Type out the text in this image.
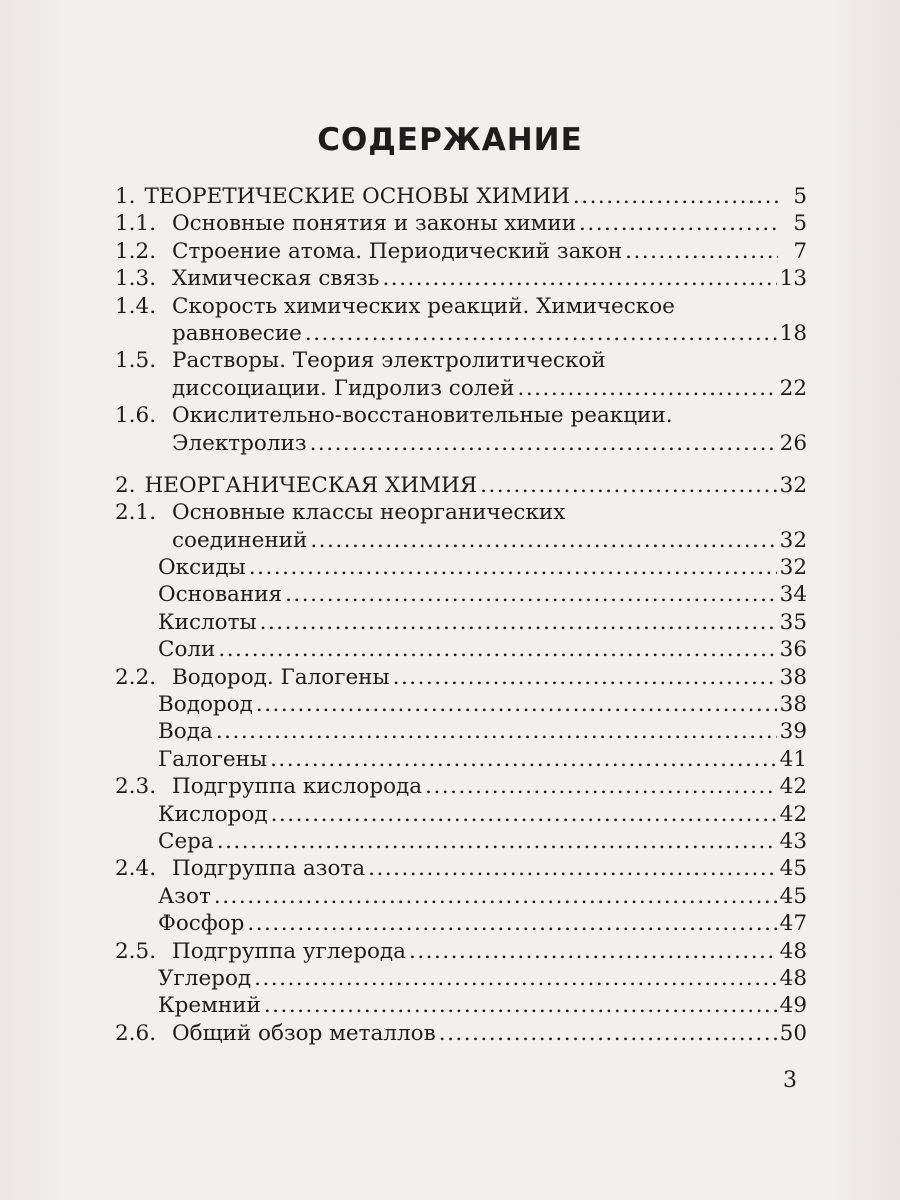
СОДЕРЖАНИЕ
1. ТЕОРЕТИЧЕСКИЕ ОСНОВЫ ХИМИИ .....	5
1.1. Основные понятия и законы химии .....	5
1.2. Строение атома. Периодический закон .....	7
1.3. Химическая связь .....	13
1.4. Скорость химических реакций. Химическое
равновесие .....	18
1.5. Растворы. Теория электролитической
диссоциации. Гидролиз солей .....	22
1.6. Окислительно-восстановительные реакции.
Электролиз .....	26
2. НЕОРГАНИЧЕСКАЯ ХИМИЯ .....	32
2.1. Основные классы неорганических
соединений .....	32
Оксиды .....	32
Основания .....	34
Кислоты .....	35
Соли .....	36
2.2. Водород. Галогены .....	38
Водород .....	38
Вода .....	39
Галогены .....	41
2.3. Подгруппа кислорода .....	42
Кислород .....	42
Сера .....	43
2.4. Подгруппа азота .....	45
Азот .....	45
Фосфор .....	47
2.5. Подгруппа углерода .....	48
Углерод .....	48
Кремний .....	49
2.6. Общий обзор металлов .....	50
3
